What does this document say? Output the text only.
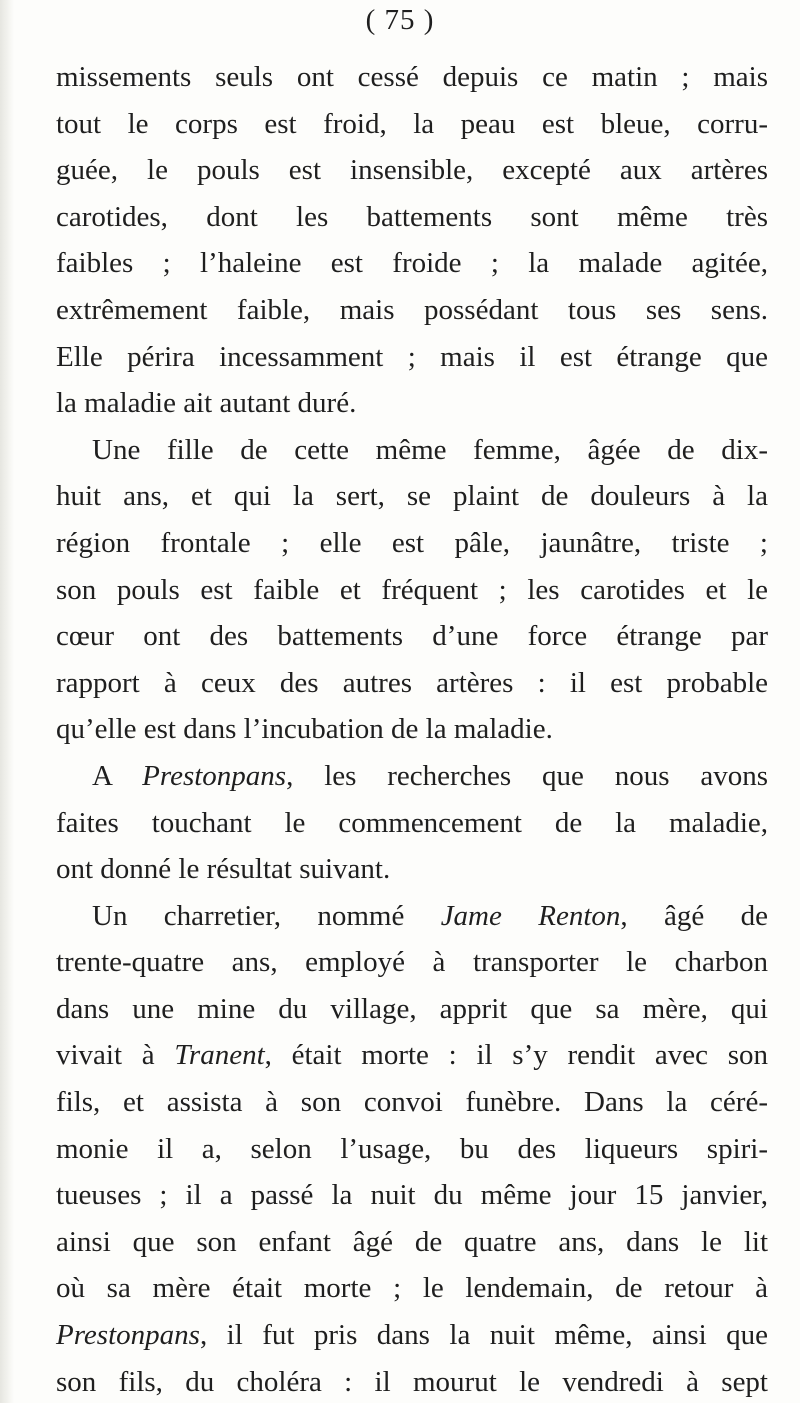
( 75 )
missements seuls ont cessé depuis ce matin ; mais
tout le corps est froid, la peau est bleue, corru-
guée, le pouls est insensible, excepté aux artères
carotides, dont les battements sont même très
faibles ; l’haleine est froide ; la malade agitée,
extrêmement faible, mais possédant tous ses sens.
Elle périra incessamment ; mais il est étrange que
la maladie ait autant duré.
Une fille de cette même femme, âgée de dix-
huit ans, et qui la sert, se plaint de douleurs à la
région frontale ; elle est pâle, jaunâtre, triste ;
son pouls est faible et fréquent ; les carotides et le
cœur ont des battements d’une force étrange par
rapport à ceux des autres artères : il est probable
qu’elle est dans l’incubation de la maladie.
A Prestonpans, les recherches que nous avons
faites touchant le commencement de la maladie,
ont donné le résultat suivant.
Un charretier, nommé Jame Renton, âgé de
trente-quatre ans, employé à transporter le charbon
dans une mine du village, apprit que sa mère, qui
vivait à Tranent, était morte : il s’y rendit avec son
fils, et assista à son convoi funèbre. Dans la céré-
monie il a, selon l’usage, bu des liqueurs spiri-
tueuses ; il a passé la nuit du même jour 15 janvier,
ainsi que son enfant âgé de quatre ans, dans le lit
où sa mère était morte ; le lendemain, de retour à
Prestonpans, il fut pris dans la nuit même, ainsi que
son fils, du choléra : il mourut le vendredi à sept
